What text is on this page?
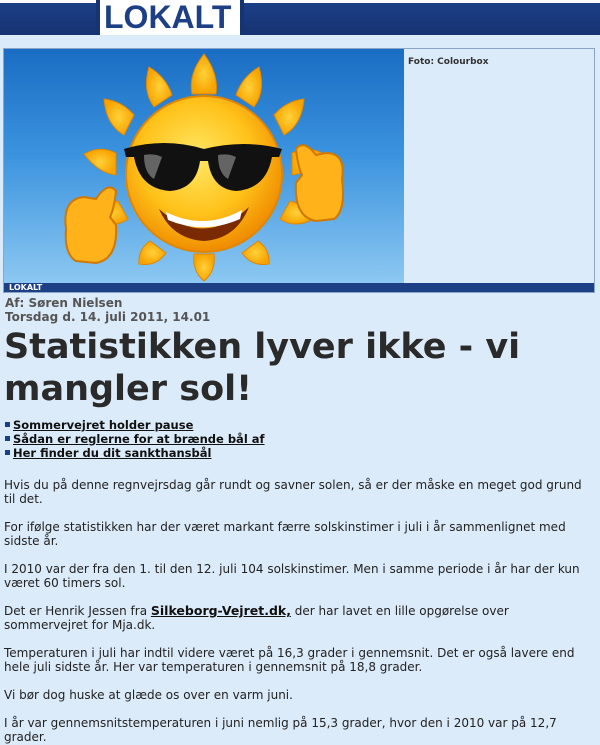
LOKALT
Foto: Colourbox
LOKALT
Af: Søren Nielsen
Torsdag d. 14. juli 2011, 14.01
Statistikken lyver ikke - vi mangler sol!
Sommervejret holder pause
Sådan er reglerne for at brænde bål af
Her finder du dit sankthansbål

Hvis du på denne regnvejrsdag går rundt og savner solen, så er der måske en meget god grund til det.

For ifølge statistikken har der været markant færre solskinstimer i juli i år sammenlignet med sidste år.

I 2010 var der fra den 1. til den 12. juli 104 solskinstimer. Men i samme periode i år har der kun været 60 timers sol.

Det er Henrik Jessen fra Silkeborg-Vejret.dk, der har lavet en lille opgørelse over sommervejret for Mja.dk.

Temperaturen i juli har indtil videre været på 16,3 grader i gennemsnit. Det er også lavere end hele juli sidste år. Her var temperaturen i gennemsnit på 18,8 grader.

Vi bør dog huske at glæde os over en varm juni.

I år var gennemsnitstemperaturen i juni nemlig på 15,3 grader, hvor den i 2010 var på 12,7 grader.
